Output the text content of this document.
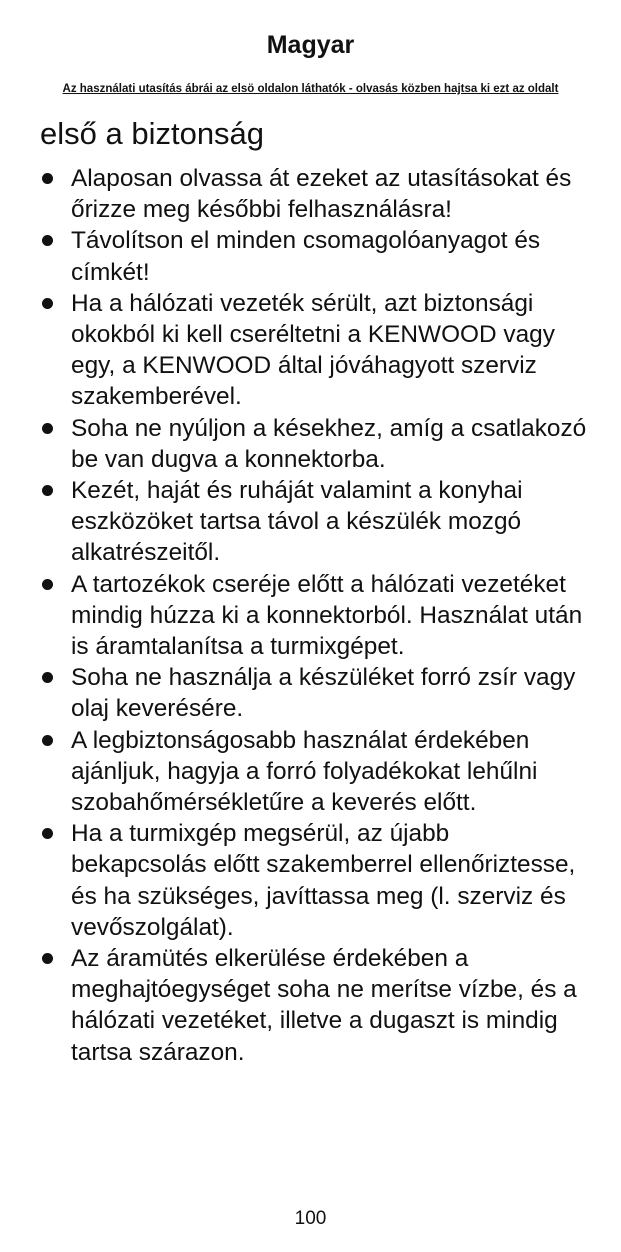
Magyar
Az használati utasítás ábrái az elsö oldalon láthatók - olvasás közben hajtsa ki ezt az oldalt
első a biztonság
Alaposan olvassa át ezeket az utasításokat és őrizze meg későbbi felhasználásra!
Távolítson el minden csomagolóanyagot és címkét!
Ha a hálózati vezeték sérült, azt biztonsági okokból ki kell cseréltetni a KENWOOD vagy egy, a KENWOOD által jóváhagyott szerviz szakemberével.
Soha ne nyúljon a késekhez, amíg a csatlakozó be van dugva a konnektorba.
Kezét, haját és ruháját valamint a konyhai eszközöket tartsa távol a készülék mozgó alkatrészeitől.
A tartozékok cseréje előtt a hálózati vezetéket mindig húzza ki a konnektorból. Használat után is áramtalanítsa a turmixgépet.
Soha ne használja a készüléket forró zsír vagy olaj keverésére.
A legbiztonságosabb használat érdekében ajánljuk, hagyja a forró folyadékokat lehűlni szobahőmérsékletűre a keverés előtt.
Ha a turmixgép megsérül, az újabb bekapcsolás előtt szakemberrel ellenőriztesse, és ha szükséges, javíttassa meg (l. szerviz és vevőszolgálat).
Az áramütés elkerülése érdekében a meghajtóegységet soha ne merítse vízbe, és a hálózati vezetéket, illetve a dugaszt is mindig tartsa szárazon.
100
